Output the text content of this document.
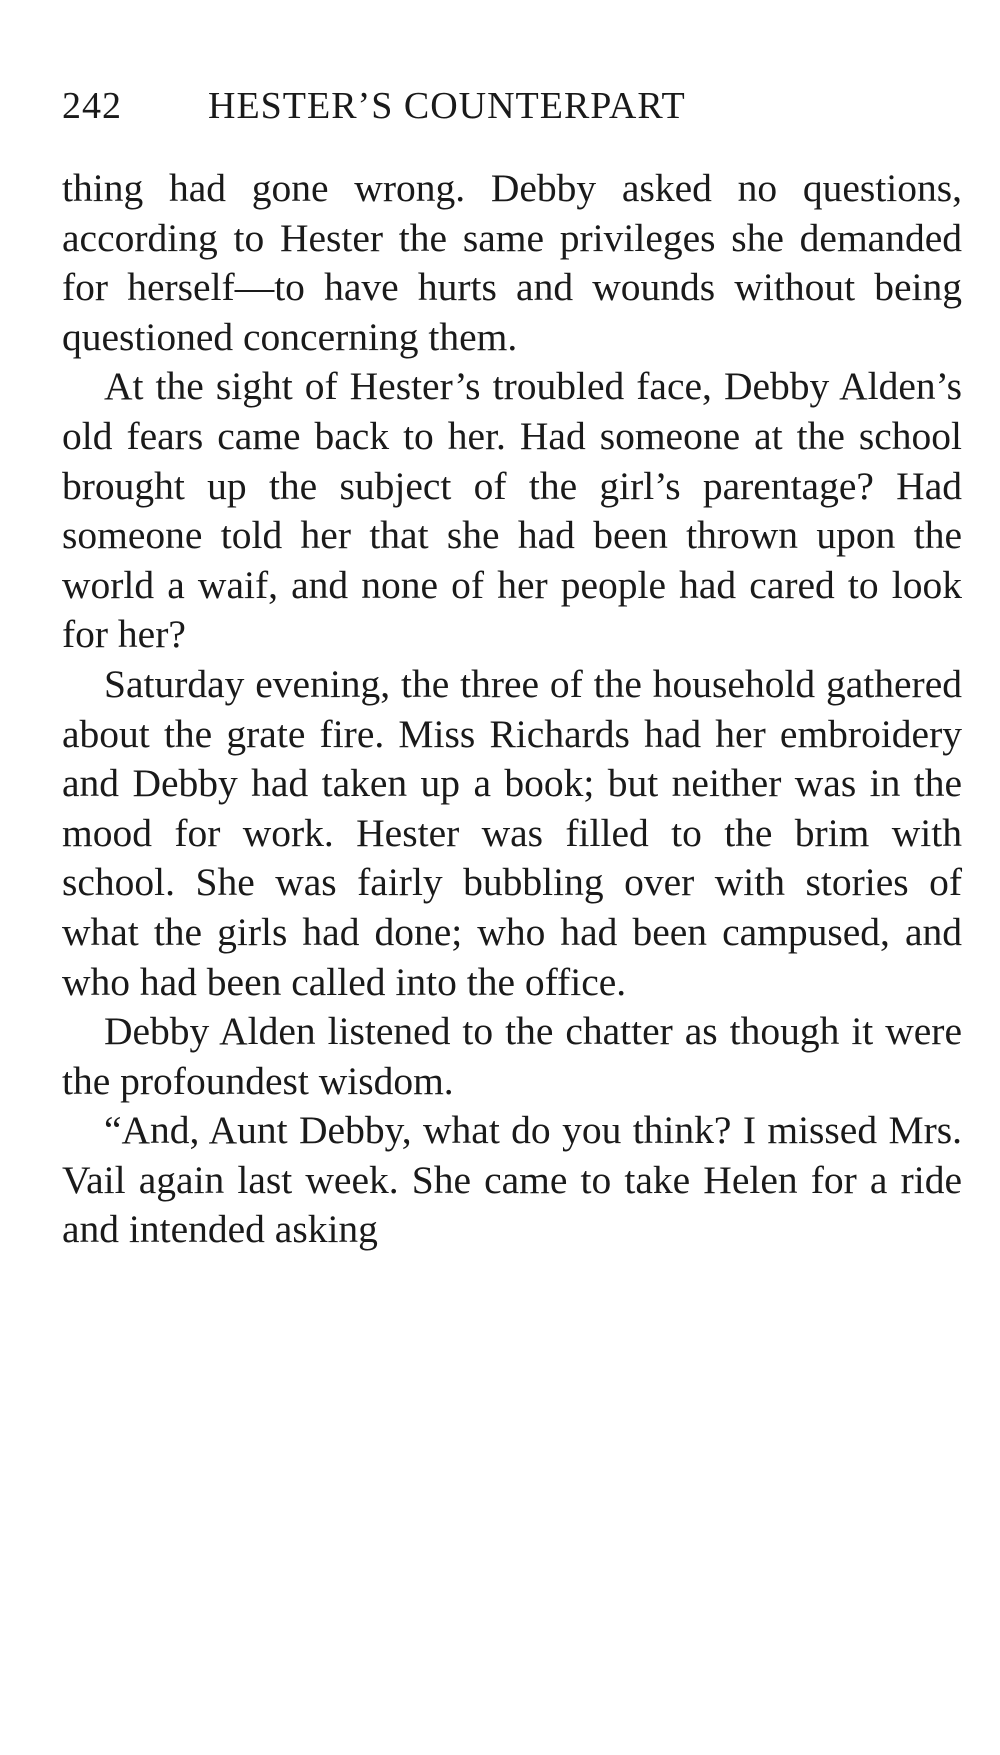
242 HESTER’S COUNTERPART

thing had gone wrong. Debby asked no questions, according to Hester the same privileges she demanded for herself—to have hurts and wounds without being questioned concerning them.

At the sight of Hester’s troubled face, Debby Alden’s old fears came back to her. Had someone at the school brought up the subject of the girl’s parentage? Had someone told her that she had been thrown upon the world a waif, and none of her people had cared to look for her?

Saturday evening, the three of the household gathered about the grate fire. Miss Richards had her embroidery and Debby had taken up a book; but neither was in the mood for work. Hester was filled to the brim with school. She was fairly bubbling over with stories of what the girls had done; who had been campused, and who had been called into the office.

Debby Alden listened to the chatter as though it were the profoundest wisdom.

“And, Aunt Debby, what do you think? I missed Mrs. Vail again last week. She came to take Helen for a ride and intended asking
